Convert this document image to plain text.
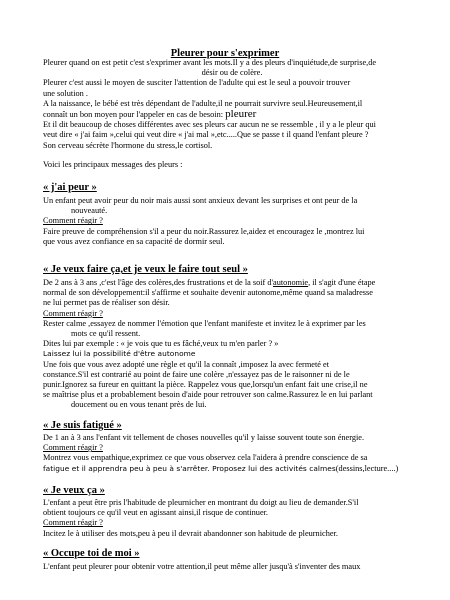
Pleurer pour s'exprimer

Pleurer quand on est petit c'est s'exprimer avant les mots.Il y a des pleurs d'inquiétude,de surprise,de

désir ou de colère.

Pleurer c'est aussi le moyen de susciter l'attention de l'adulte qui est le seul a pouvoir trouver

une solution .

A la naissance, le bébé est très dépendant de l'adulte,il ne pourrait survivre seul.Heureusement,il

connaît un bon moyen pour l'appeler en cas de besoin: pleurer

Et il dit beaucoup de choses différentes avec ses pleurs car aucun ne se ressemble , il y a le pleur qui

veut dire « j'ai faim »,celui qui veut dire « j'ai mal »,etc.....Que se passe t il quand l'enfant pleure ?

Son cerveau sécrète l'hormone du stress,le cortisol.

Voici les principaux messages des pleurs :

« j'ai peur »
Un enfant peut avoir peur du noir mais aussi sont anxieux devant les surprises et ont peur de la
nouveauté.
Comment réagir ?
Faire preuve de compréhension s'il a peur du noir.Rassurez le,aidez et encouragez le ,montrez lui
que vous avez confiance en sa capacité de dormir seul.
« Je veux faire ça,et je veux le faire tout seul »
De 2 ans à 3 ans ,c'est l'âge des colères,des frustrations et de la soif d'autonomie, il s'agit d'une étape
normal de son développement:il s'affirme et souhaite devenir autonome,même quand sa maladresse
ne lui permet pas de réaliser son désir.
Comment réagir ?
Rester calme ,essayez de nommer l'émotion que l'enfant manifeste et invitez le à exprimer par les
mots ce qu'il ressent.
Dites lui par exemple : « je vois que tu es fâché,veux tu m'en parler ? »
Laissez lui la possibilité d'être autonome
Une fois que vous avez adopté une règle et qu'il la connaît ,imposez la avec fermeté et
constance.S'il est contrarié au point de faire une colère ,n'essayez pas de le raisonner ni de le
punir.Ignorez sa fureur en quittant la pièce. Rappelez vous que,lorsqu'un enfant fait une crise,il ne
se maîtrise plus et a probablement besoin d'aide pour retrouver son calme.Rassurez le en lui parlant
doucement ou en vous tenant près de lui.
« Je suis fatigué »
De 1 an à 3 ans l'enfant vit tellement de choses nouvelles qu'il y laisse souvent toute son énergie.
Comment réagir ?
Montrez vous empathique,exprimez ce que vous observez cela l'aidera à prendre conscience de sa
fatigue et il apprendra peu à peu à s'arrêter. Proposez lui des activités calmes(dessins,lecture....)
« Je veux ça »
L'enfant a peut être pris l'habitude de pleurnicher en montrant du doigt au lieu de demander.S'il
obtient toujours ce qu'il veut en agissant ainsi,il risque de continuer.
Comment réagir ?
Incitez le à utiliser des mots,peu à peu il devrait abandonner son habitude de pleurnicher.
« Occupe toi de moi »
L'enfant peut pleurer pour obtenir votre attention,il peut même aller jusqu'à s'inventer des maux
